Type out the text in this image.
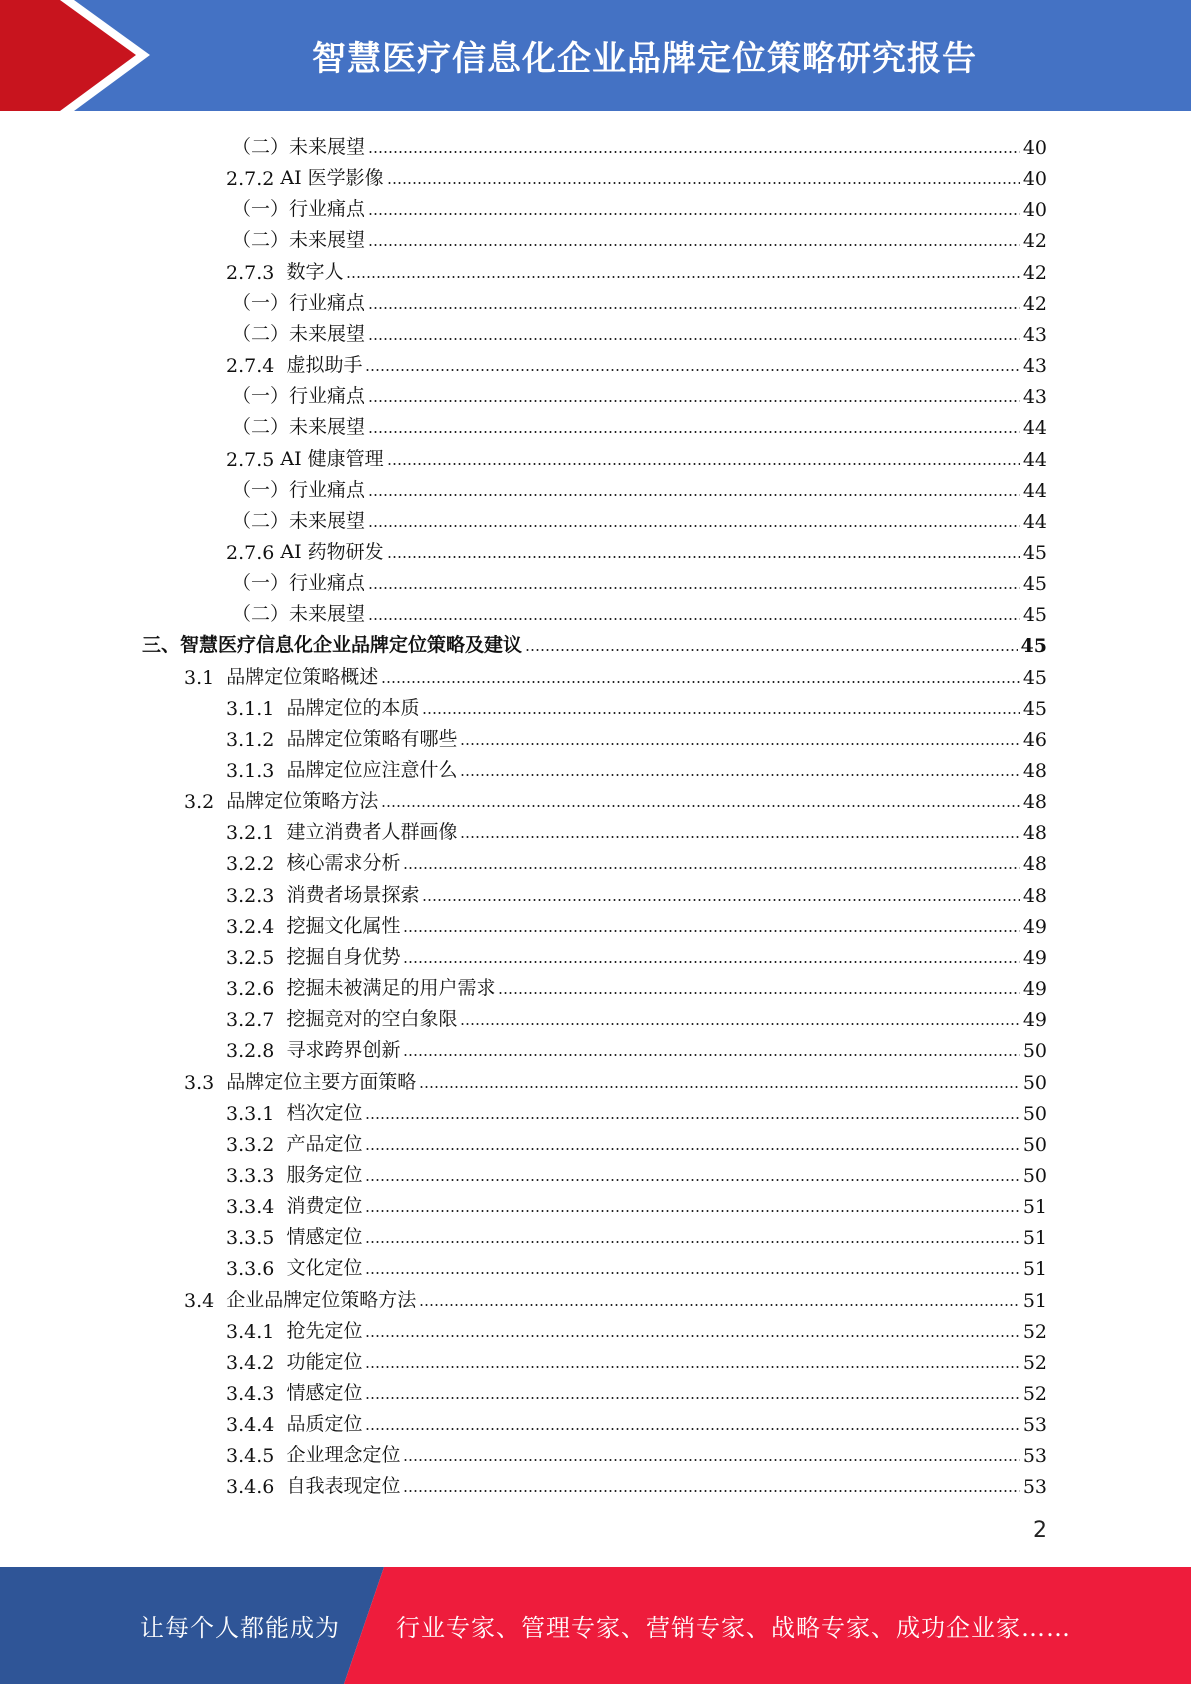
智慧医疗信息化企业品牌定位策略研究报告
（二） 未来展望	40
2.7.2 AI 医学影像	40
（一） 行业痛点	40
（二） 未来展望	42
2.7.3 数字人	42
（一） 行业痛点	42
（二） 未来展望	43
2.7.4 虚拟助手	43
（一） 行业痛点	43
（二） 未来展望	44
2.7.5 AI 健康管理	44
（一） 行业痛点	44
（二） 未来展望	44
2.7.6 AI 药物研发	45
（一） 行业痛点	45
（二） 未来展望	45
三、 智慧医疗信息化企业品牌定位策略及建议	45
3.1 品牌定位策略概述	45
3.1.1 品牌定位的本质	45
3.1.2 品牌定位策略有哪些	46
3.1.3 品牌定位应注意什么	48
3.2 品牌定位策略方法	48
3.2.1 建立消费者人群画像	48
3.2.2 核心需求分析	48
3.2.3 消费者场景探索	48
3.2.4 挖掘文化属性	49
3.2.5 挖掘自身优势	49
3.2.6 挖掘未被满足的用户需求	49
3.2.7 挖掘竞对的空白象限	49
3.2.8 寻求跨界创新	50
3.3 品牌定位主要方面策略	50
3.3.1 档次定位	50
3.3.2 产品定位	50
3.3.3 服务定位	50
3.3.4 消费定位	51
3.3.5 情感定位	51
3.3.6 文化定位	51
3.4 企业品牌定位策略方法	51
3.4.1 抢先定位	52
3.4.2 功能定位	52
3.4.3 情感定位	52
3.4.4 品质定位	53
3.4.5 企业理念定位	53
3.4.6 自我表现定位	53
2
让每个人都能成为 行业专家、管理专家、营销专家、战略专家、成功企业家……
